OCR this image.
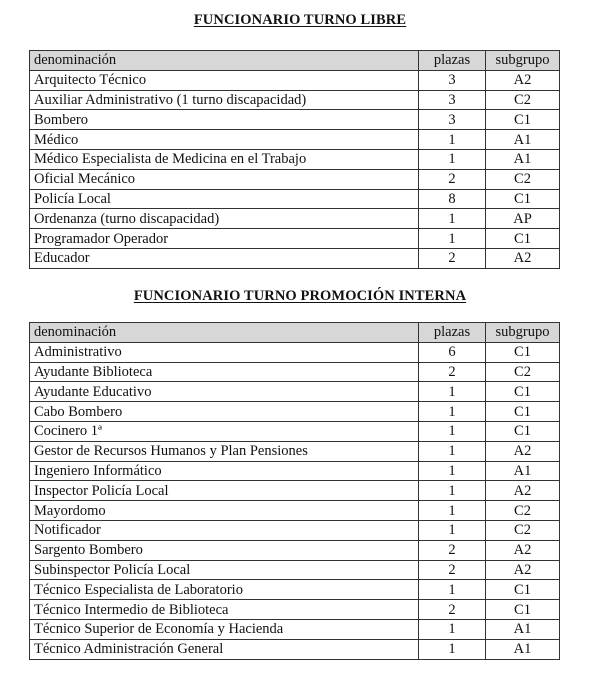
FUNCIONARIO TURNO LIBRE
denominación	plazas	subgrupo
Arquitecto Técnico	3	A2
Auxiliar Administrativo (1 turno discapacidad)	3	C2
Bombero	3	C1
Médico	1	A1
Médico Especialista de Medicina en el Trabajo	1	A1
Oficial Mecánico	2	C2
Policía Local	8	C1
Ordenanza (turno discapacidad)	1	AP
Programador Operador	1	C1
Educador	2	A2
FUNCIONARIO TURNO PROMOCIÓN INTERNA
denominación	plazas	subgrupo
Administrativo	6	C1
Ayudante Biblioteca	2	C2
Ayudante Educativo	1	C1
Cabo Bombero	1	C1
Cocinero 1ª	1	C1
Gestor de Recursos Humanos y Plan Pensiones	1	A2
Ingeniero Informático	1	A1
Inspector Policía Local	1	A2
Mayordomo	1	C2
Notificador	1	C2
Sargento Bombero	2	A2
Subinspector Policía Local	2	A2
Técnico Especialista de Laboratorio	1	C1
Técnico Intermedio de Biblioteca	2	C1
Técnico Superior de Economía y Hacienda	1	A1
Técnico Administración General	1	A1
